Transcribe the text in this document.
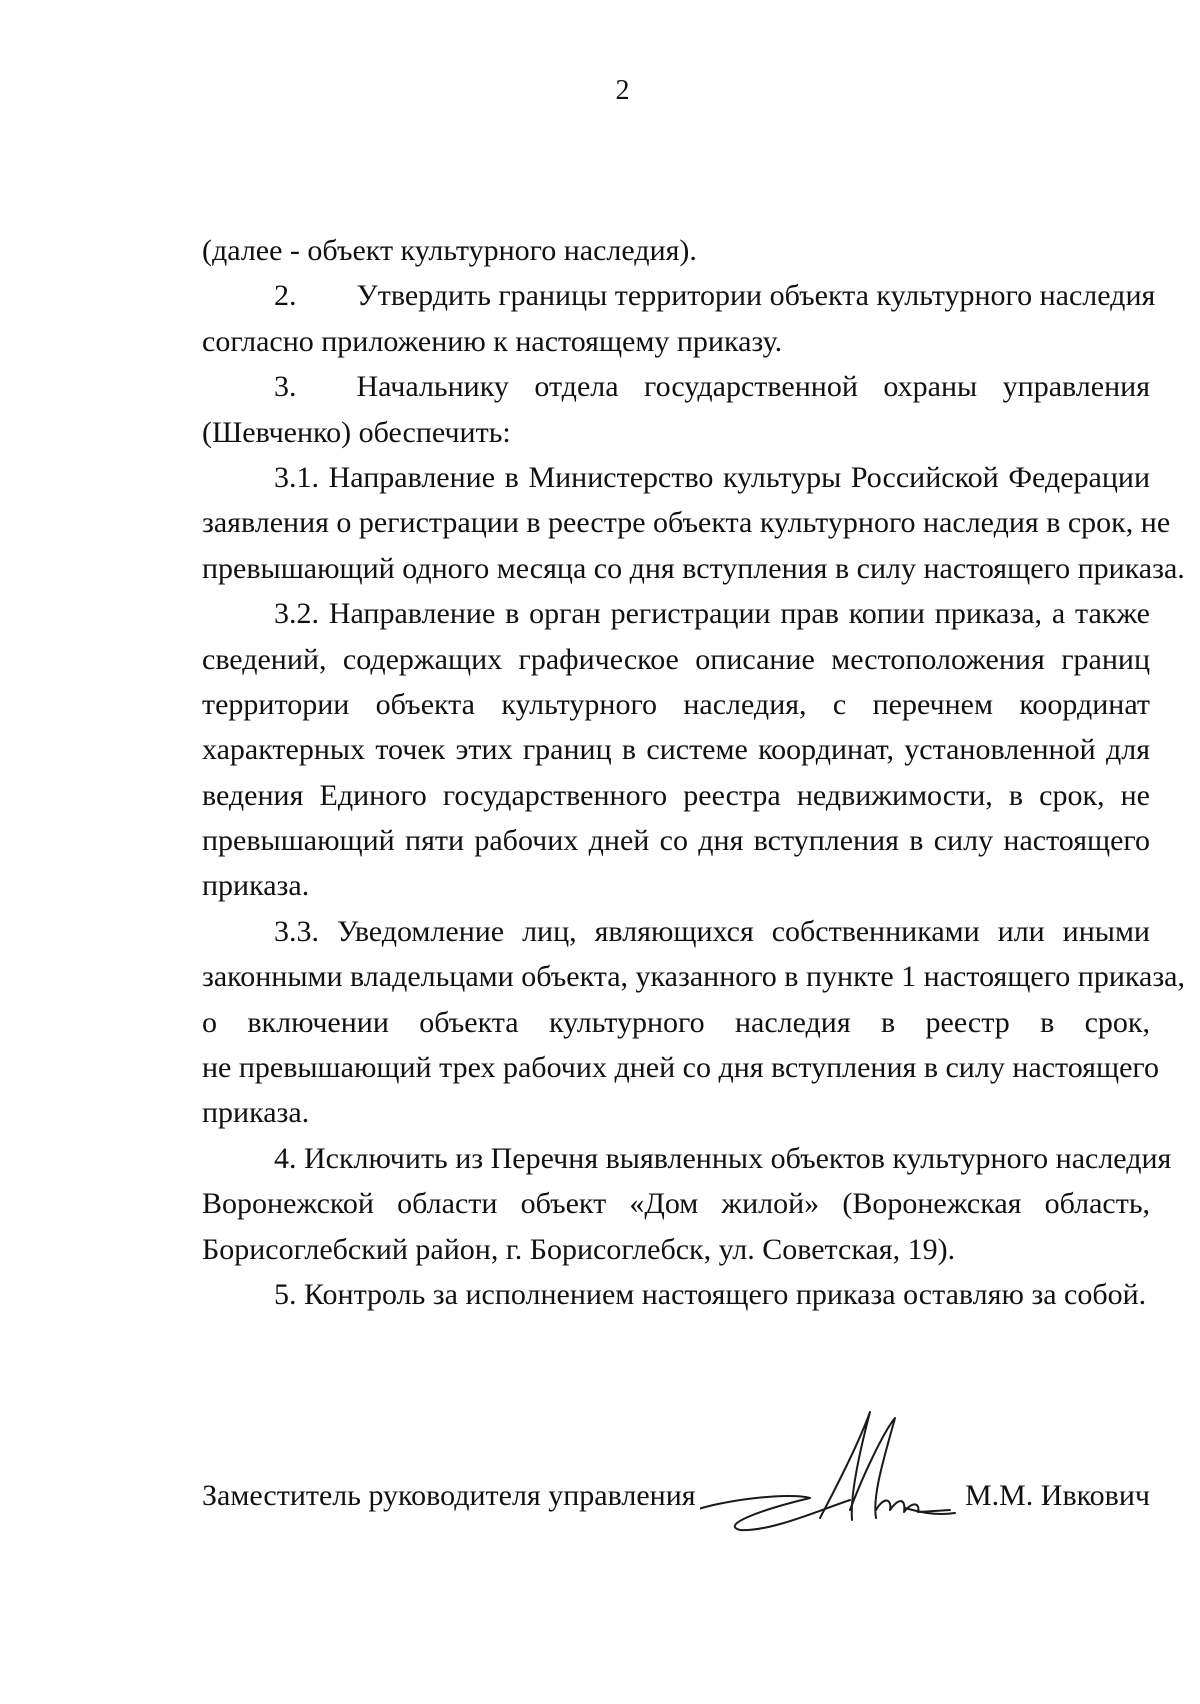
2
(далее - объект культурного наследия).
2.  Утвердить границы территории объекта культурного наследия
согласно приложению к настоящему приказу.
3.  Начальнику отдела государственной охраны управления
(Шевченко) обеспечить:
3.1. Направление в Министерство культуры Российской Федерации
заявления о регистрации в реестре объекта культурного наследия в срок, не
превышающий одного месяца со дня вступления в силу настоящего приказа.
3.2. Направление в орган регистрации прав копии приказа, а также
сведений, содержащих графическое описание местоположения границ
территории объекта культурного наследия, с перечнем координат
характерных точек этих границ в системе координат, установленной для
ведения Единого государственного реестра недвижимости, в срок, не
превышающий пяти рабочих дней со дня вступления в силу настоящего
приказа.
3.3. Уведомление лиц, являющихся собственниками или иными
законными владельцами объекта, указанного в пункте 1 настоящего приказа,
о включении объекта культурного наследия в реестр в срок,
не превышающий трех рабочих дней со дня вступления в силу настоящего
приказа.
4. Исключить из Перечня выявленных объектов культурного наследия
Воронежской области объект «Дом жилой» (Воронежская область,
Борисоглебский район, г. Борисоглебск, ул. Советская, 19).
5. Контроль за исполнением настоящего приказа оставляю за собой.
Заместитель руководителя управления	М.М. Ивкович
